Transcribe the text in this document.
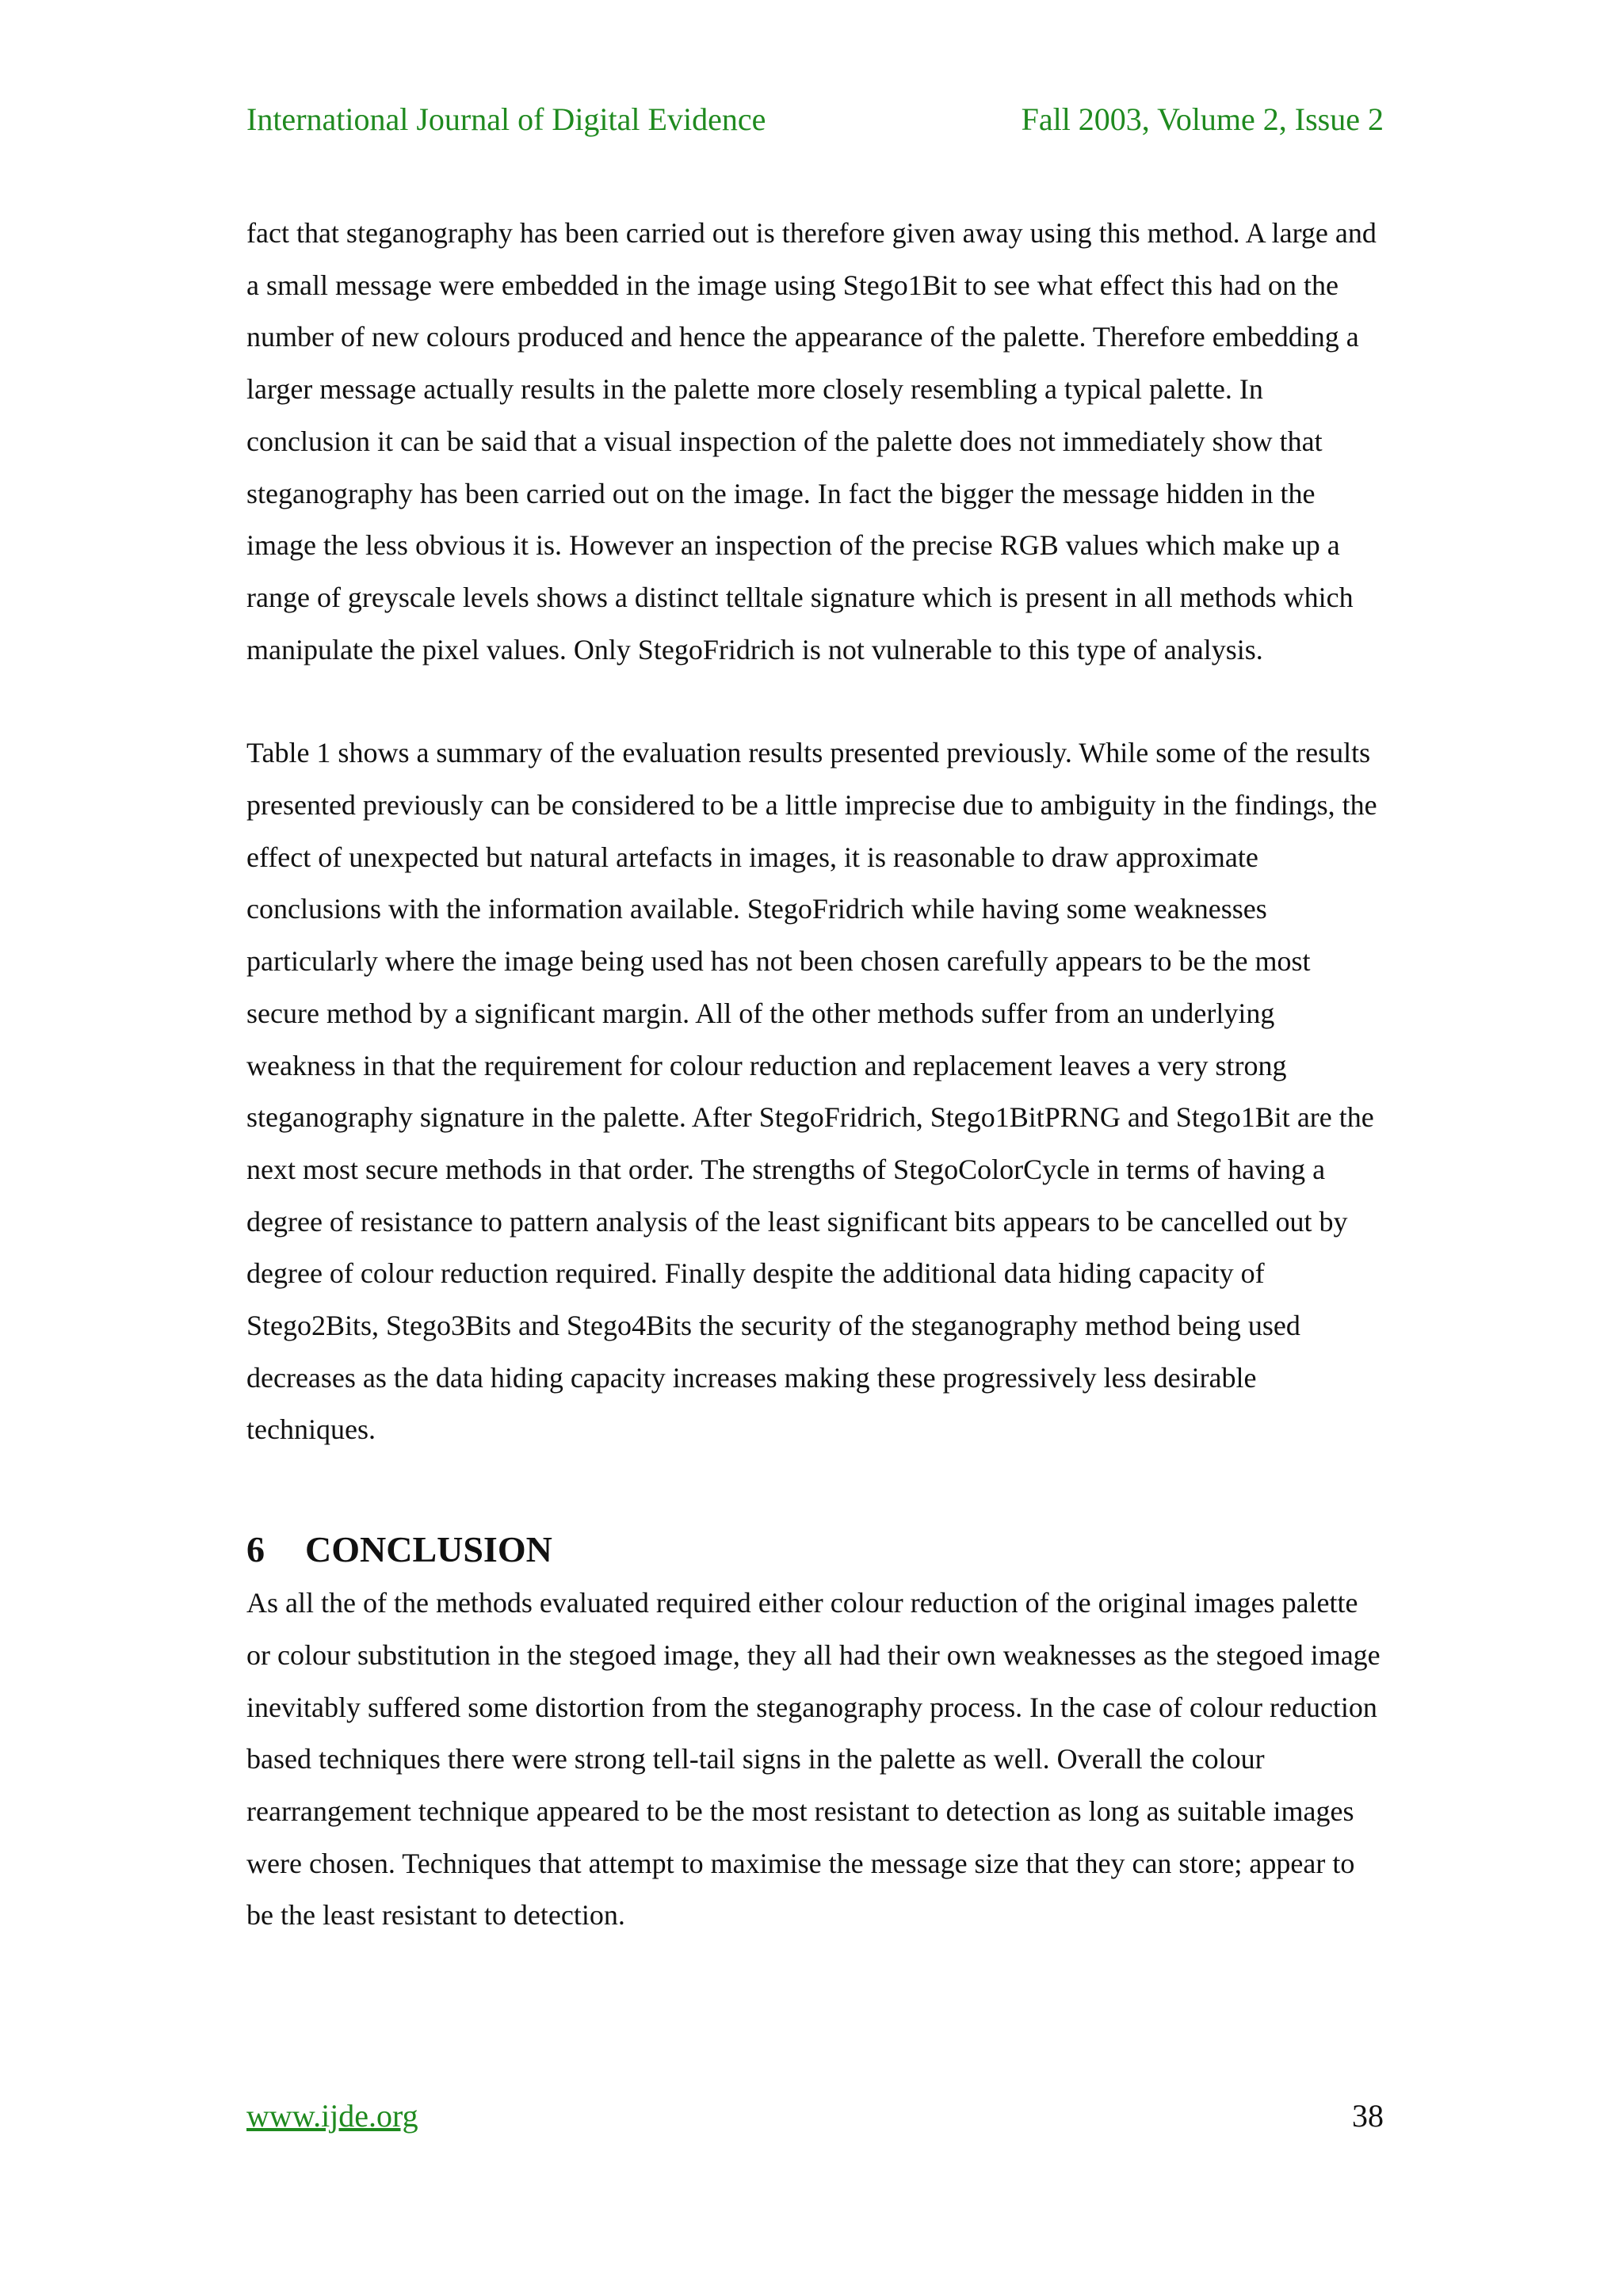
International Journal of Digital Evidence	Fall 2003, Volume 2, Issue 2

fact that steganography has been carried out is therefore given away using this method. A large and a small message were embedded in the image using Stego1Bit to see what effect this had on the number of new colours produced and hence the appearance of the palette. Therefore embedding a larger message actually results in the palette more closely resembling a typical palette. In conclusion it can be said that a visual inspection of the palette does not immediately show that steganography has been carried out on the image. In fact the bigger the message hidden in the image the less obvious it is. However an inspection of the precise RGB values which make up a range of greyscale levels shows a distinct telltale signature which is present in all methods which manipulate the pixel values. Only StegoFridrich is not vulnerable to this type of analysis.

Table 1 shows a summary of the evaluation results presented previously. While some of the results presented previously can be considered to be a little imprecise due to ambiguity in the findings, the effect of unexpected but natural artefacts in images, it is reasonable to draw approximate conclusions with the information available. StegoFridrich while having some weaknesses particularly where the image being used has not been chosen carefully appears to be the most secure method by a significant margin. All of the other methods suffer from an underlying weakness in that the requirement for colour reduction and replacement leaves a very strong steganography signature in the palette. After StegoFridrich, Stego1BitPRNG and Stego1Bit are the next most secure methods in that order. The strengths of StegoColorCycle in terms of having a degree of resistance to pattern analysis of the least significant bits appears to be cancelled out by degree of colour reduction required. Finally despite the additional data hiding capacity of Stego2Bits, Stego3Bits and Stego4Bits the security of the steganography method being used decreases as the data hiding capacity increases making these progressively less desirable techniques.

6	CONCLUSION

As all the of the methods evaluated required either colour reduction of the original images palette or colour substitution in the stegoed image, they all had their own weaknesses as the stegoed image inevitably suffered some distortion from the steganography process. In the case of colour reduction based techniques there were strong tell-tail signs in the palette as well. Overall the colour rearrangement technique appeared to be the most resistant to detection as long as suitable images were chosen. Techniques that attempt to maximise the message size that they can store; appear to be the least resistant to detection.

www.ijde.org	38
